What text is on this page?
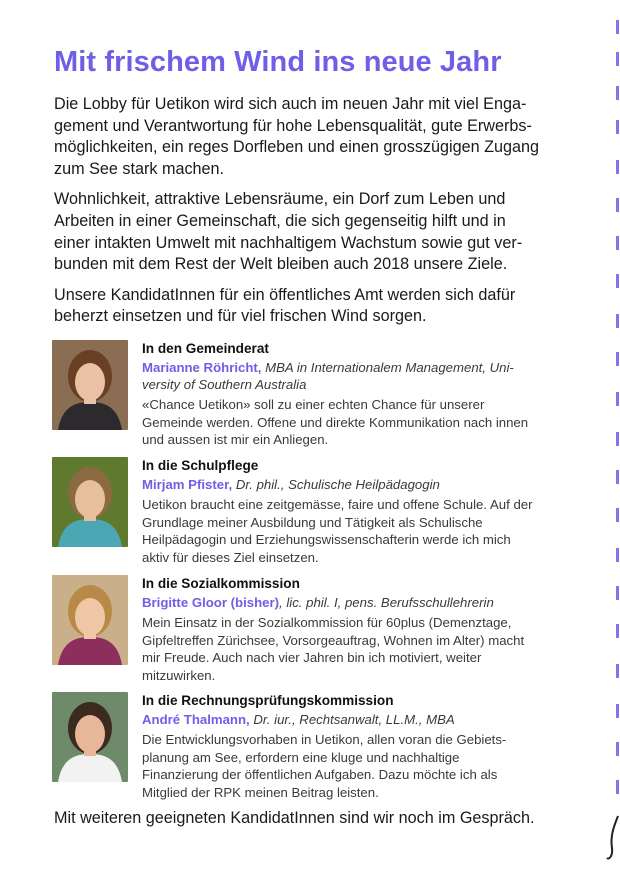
Mit frischem Wind ins neue Jahr

Die Lobby für Uetikon wird sich auch im neuen Jahr mit viel Enga-
gement und Verantwortung für hohe Lebensqualität, gute Erwerbs-
möglichkeiten, ein reges Dorfleben und einen grosszügigen Zugang
zum See stark machen.

Wohnlichkeit, attraktive Lebensräume, ein Dorf zum Leben und
Arbeiten in einer Gemeinschaft, die sich gegenseitig hilft und in
einer intakten Umwelt mit nachhaltigem Wachstum sowie gut ver-
bunden mit dem Rest der Welt bleiben auch 2018 unsere Ziele.

Unsere KandidatInnen für ein öffentliches Amt werden sich dafür
beherzt einsetzen und für viel frischen Wind sorgen.

In den Gemeinderat
Marianne Röhricht, MBA in Internationalem Management, Uni-
versity of Southern Australia
«Chance Uetikon» soll zu einer echten Chance für unserer
Gemeinde werden. Offene und direkte Kommunikation nach innen
und aussen ist mir ein Anliegen.
In die Schulpflege
Mirjam Pfister, Dr. phil., Schulische Heilpädagogin
Uetikon braucht eine zeitgemässe, faire und offene Schule. Auf der
Grundlage meiner Ausbildung und Tätigkeit als Schulische
Heilpädagogin und Erziehungswissenschafterin werde ich mich
aktiv für dieses Ziel einsetzen.
In die Sozialkommission
Brigitte Gloor (bisher), lic. phil. I, pens. Berufsschullehrerin
Mein Einsatz in der Sozialkommission für 60plus (Demenztage,
Gipfeltreffen Zürichsee, Vorsorgeauftrag, Wohnen im Alter) macht
mir Freude. Auch nach vier Jahren bin ich motiviert, weiter
mitzuwirken.
In die Rechnungsprüfungskommission
André Thalmann, Dr. iur., Rechtsanwalt, LL.M., MBA
Die Entwicklungsvorhaben in Uetikon, allen voran die Gebiets-
planung am See, erfordern eine kluge und nachhaltige
Finanzierung der öffentlichen Aufgaben. Dazu möchte ich als
Mitglied der RPK meinen Beitrag leisten.
Mit weiteren geeigneten KandidatInnen sind wir noch im Gespräch.
